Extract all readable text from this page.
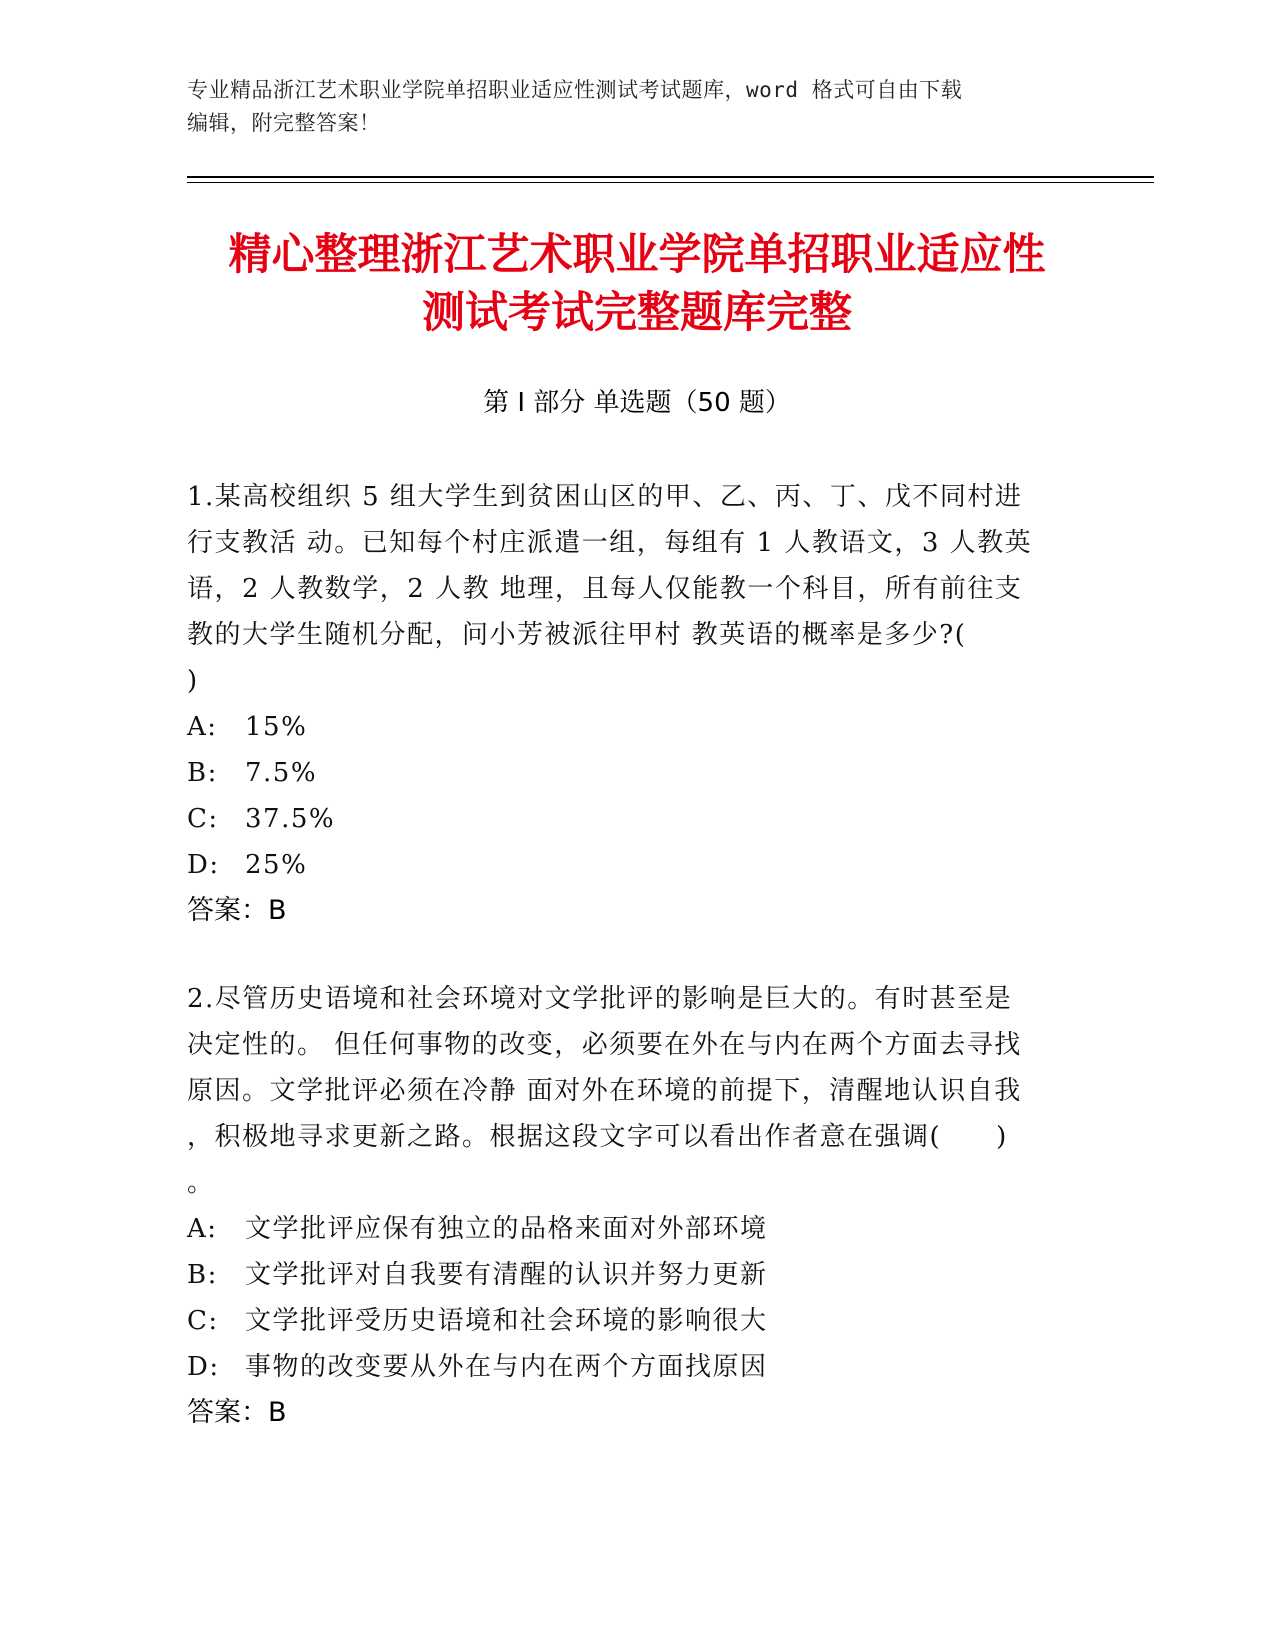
专业精品浙江艺术职业学院单招职业适应性测试考试题库，word 格式可自由下载
编辑，附完整答案！
精心整理浙江艺术职业学院单招职业适应性
测试考试完整题库完整
第 I 部分 单选题（50 题）
1.某高校组织 5 组大学生到贫困山区的甲、乙、丙、丁、戊不同村进
行支教活 动。已知每个村庄派遣一组，每组有 1 人教语文，3 人教英
语，2 人教数学，2 人教 地理，且每人仅能教一个科目，所有前往支
教的大学生随机分配，问小芳被派往甲村 教英语的概率是多少?(
)
A: 15%
B: 7.5%
C: 37.5%
D: 25%
答案：B
2.尽管历史语境和社会环境对文学批评的影响是巨大的。有时甚至是
决定性的。 但任何事物的改变，必须要在外在与内在两个方面去寻找
原因。文学批评必须在冷静 面对外在环境的前提下，清醒地认识自我
，积极地寻求更新之路。根据这段文字可以看出作者意在强调(　　)
。
A: 文学批评应保有独立的品格来面对外部环境
B: 文学批评对自我要有清醒的认识并努力更新
C: 文学批评受历史语境和社会环境的影响很大
D: 事物的改变要从外在与内在两个方面找原因
答案：B
